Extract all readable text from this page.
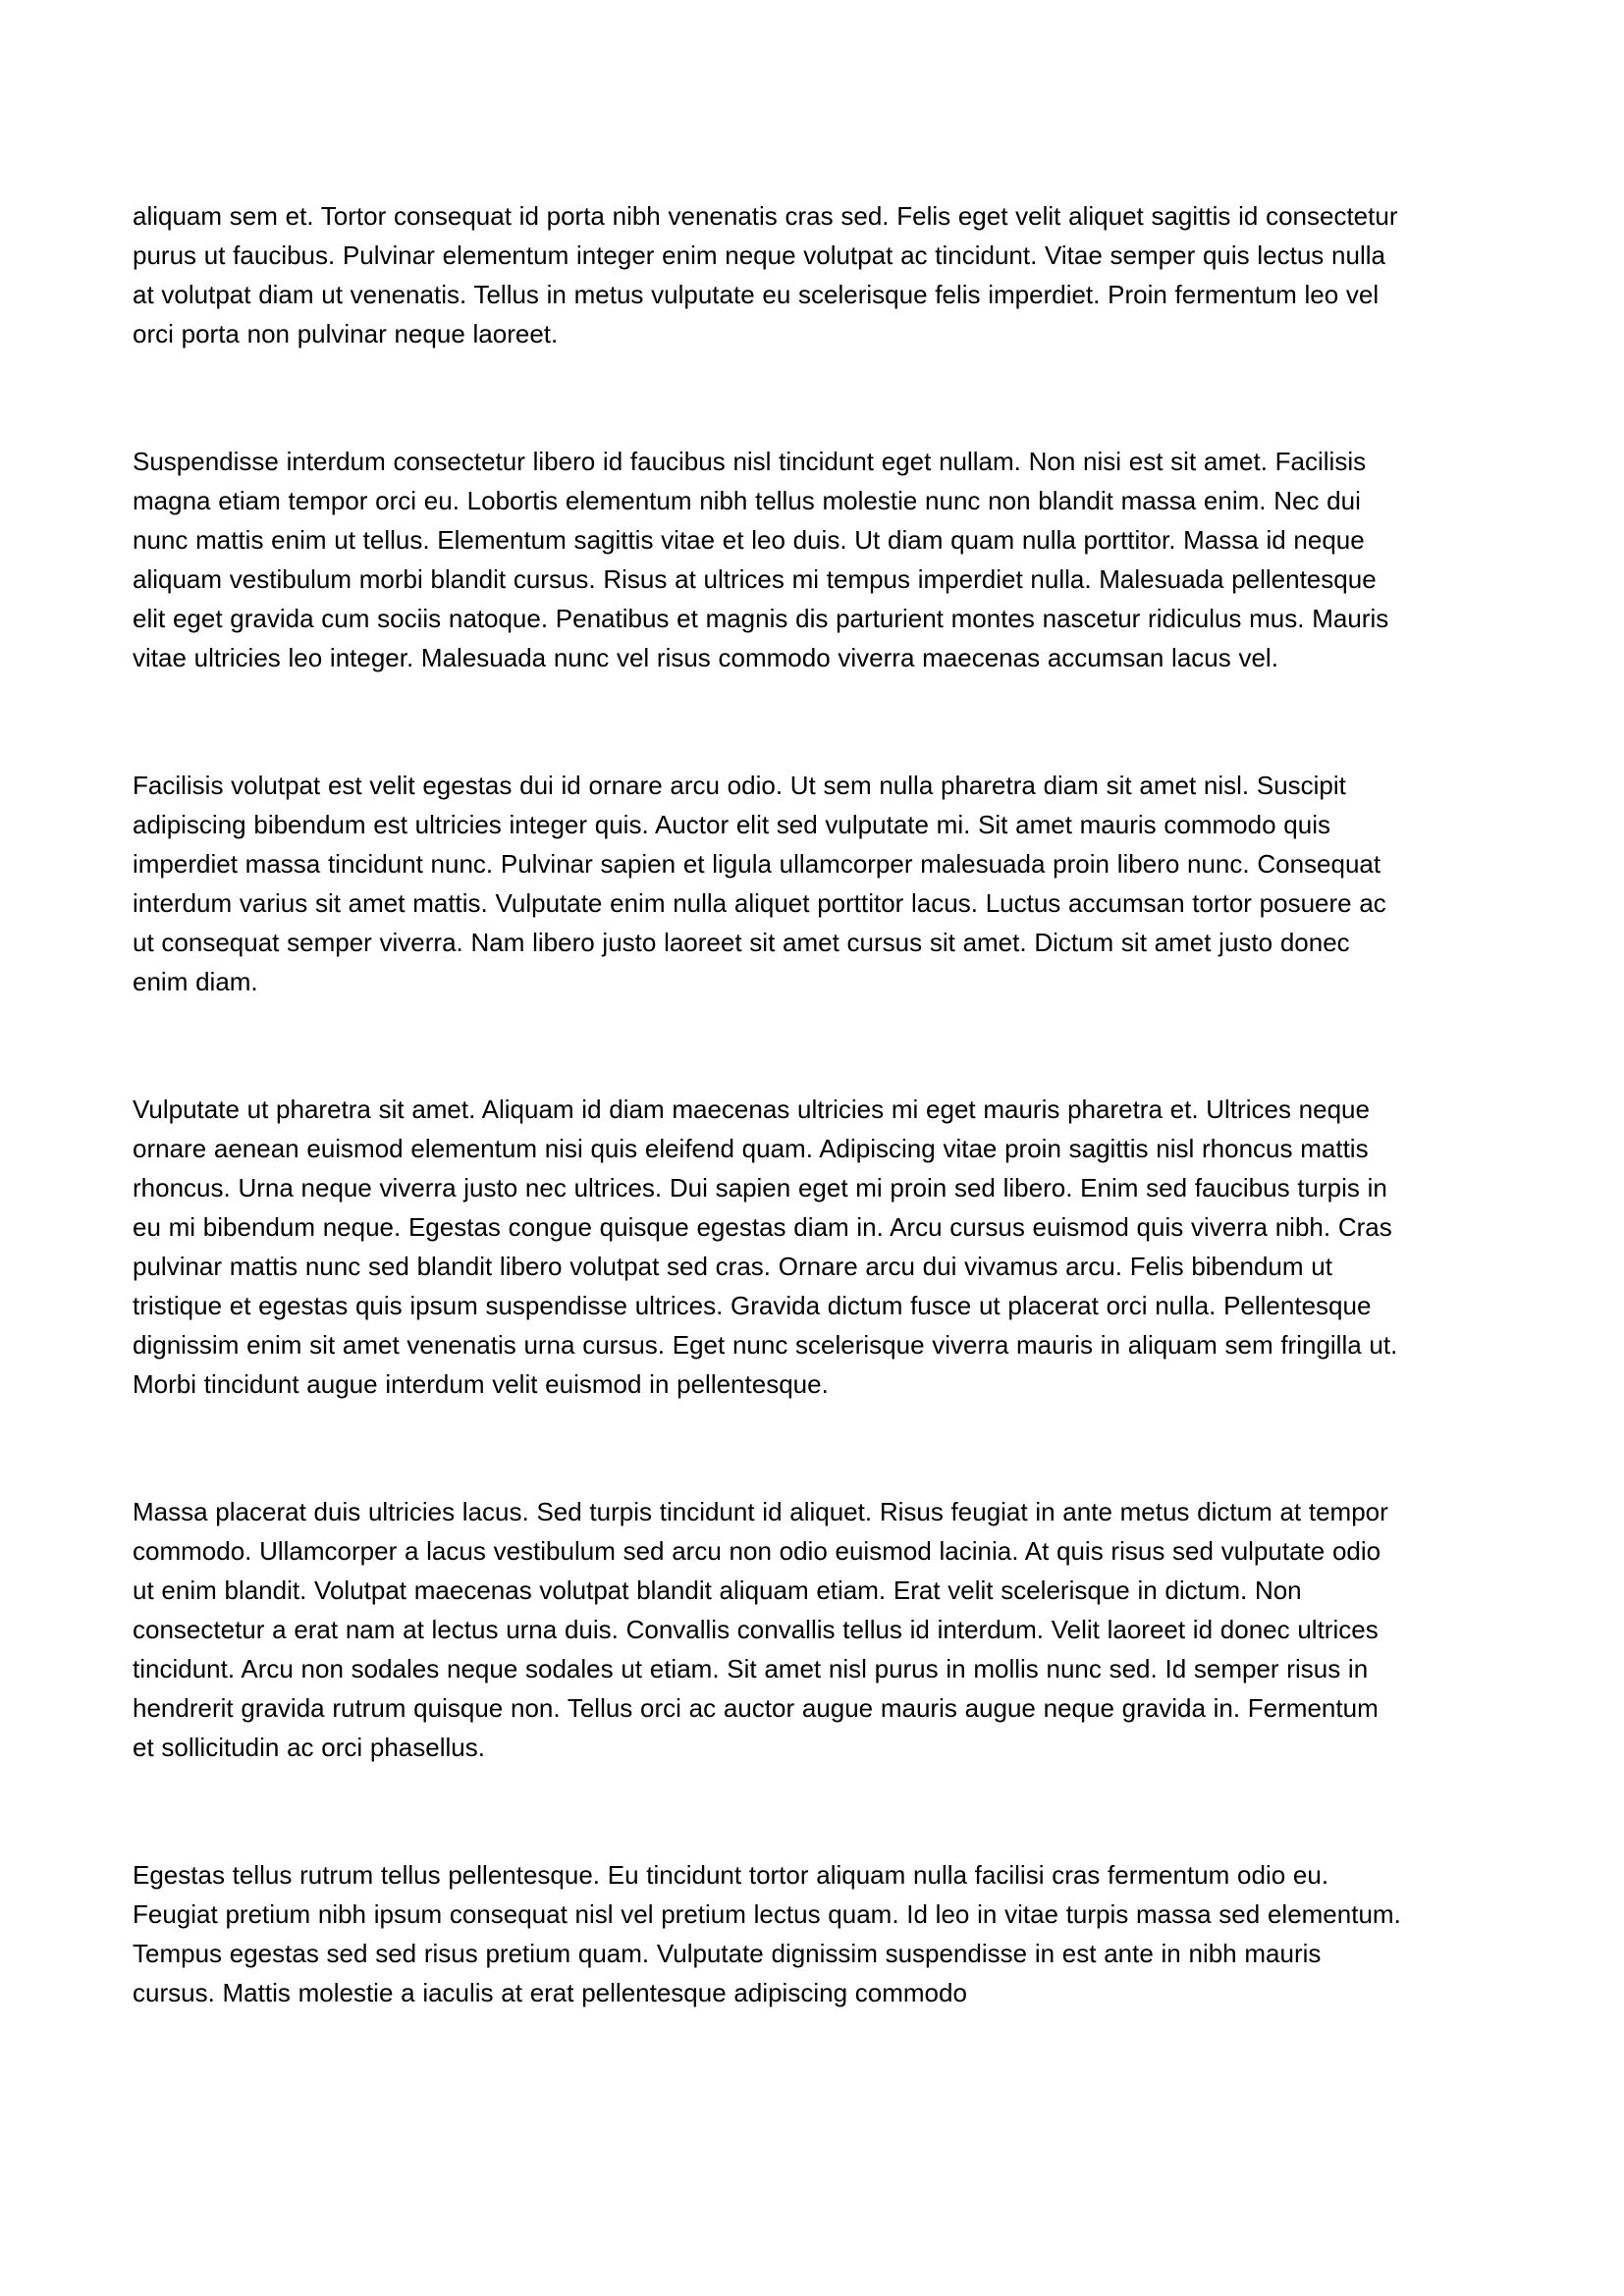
aliquam sem et. Tortor consequat id porta nibh venenatis cras sed. Felis eget velit aliquet sagittis id consectetur purus ut faucibus. Pulvinar elementum integer enim neque volutpat ac tincidunt. Vitae semper quis lectus nulla at volutpat diam ut venenatis. Tellus in metus vulputate eu scelerisque felis imperdiet. Proin fermentum leo vel orci porta non pulvinar neque laoreet.

Suspendisse interdum consectetur libero id faucibus nisl tincidunt eget nullam. Non nisi est sit amet. Facilisis magna etiam tempor orci eu. Lobortis elementum nibh tellus molestie nunc non blandit massa enim. Nec dui nunc mattis enim ut tellus. Elementum sagittis vitae et leo duis. Ut diam quam nulla porttitor. Massa id neque aliquam vestibulum morbi blandit cursus. Risus at ultrices mi tempus imperdiet nulla. Malesuada pellentesque elit eget gravida cum sociis natoque. Penatibus et magnis dis parturient montes nascetur ridiculus mus. Mauris vitae ultricies leo integer. Malesuada nunc vel risus commodo viverra maecenas accumsan lacus vel.

Facilisis volutpat est velit egestas dui id ornare arcu odio. Ut sem nulla pharetra diam sit amet nisl. Suscipit adipiscing bibendum est ultricies integer quis. Auctor elit sed vulputate mi. Sit amet mauris commodo quis imperdiet massa tincidunt nunc. Pulvinar sapien et ligula ullamcorper malesuada proin libero nunc. Consequat interdum varius sit amet mattis. Vulputate enim nulla aliquet porttitor lacus. Luctus accumsan tortor posuere ac ut consequat semper viverra. Nam libero justo laoreet sit amet cursus sit amet. Dictum sit amet justo donec enim diam.

Vulputate ut pharetra sit amet. Aliquam id diam maecenas ultricies mi eget mauris pharetra et. Ultrices neque ornare aenean euismod elementum nisi quis eleifend quam. Adipiscing vitae proin sagittis nisl rhoncus mattis rhoncus. Urna neque viverra justo nec ultrices. Dui sapien eget mi proin sed libero. Enim sed faucibus turpis in eu mi bibendum neque. Egestas congue quisque egestas diam in. Arcu cursus euismod quis viverra nibh. Cras pulvinar mattis nunc sed blandit libero volutpat sed cras. Ornare arcu dui vivamus arcu. Felis bibendum ut tristique et egestas quis ipsum suspendisse ultrices. Gravida dictum fusce ut placerat orci nulla. Pellentesque dignissim enim sit amet venenatis urna cursus. Eget nunc scelerisque viverra mauris in aliquam sem fringilla ut. Morbi tincidunt augue interdum velit euismod in pellentesque.

Massa placerat duis ultricies lacus. Sed turpis tincidunt id aliquet. Risus feugiat in ante metus dictum at tempor commodo. Ullamcorper a lacus vestibulum sed arcu non odio euismod lacinia. At quis risus sed vulputate odio ut enim blandit. Volutpat maecenas volutpat blandit aliquam etiam. Erat velit scelerisque in dictum. Non consectetur a erat nam at lectus urna duis. Convallis convallis tellus id interdum. Velit laoreet id donec ultrices tincidunt. Arcu non sodales neque sodales ut etiam. Sit amet nisl purus in mollis nunc sed. Id semper risus in hendrerit gravida rutrum quisque non. Tellus orci ac auctor augue mauris augue neque gravida in. Fermentum et sollicitudin ac orci phasellus.

Egestas tellus rutrum tellus pellentesque. Eu tincidunt tortor aliquam nulla facilisi cras fermentum odio eu. Feugiat pretium nibh ipsum consequat nisl vel pretium lectus quam. Id leo in vitae turpis massa sed elementum. Tempus egestas sed sed risus pretium quam. Vulputate dignissim suspendisse in est ante in nibh mauris cursus. Mattis molestie a iaculis at erat pellentesque adipiscing commodo
